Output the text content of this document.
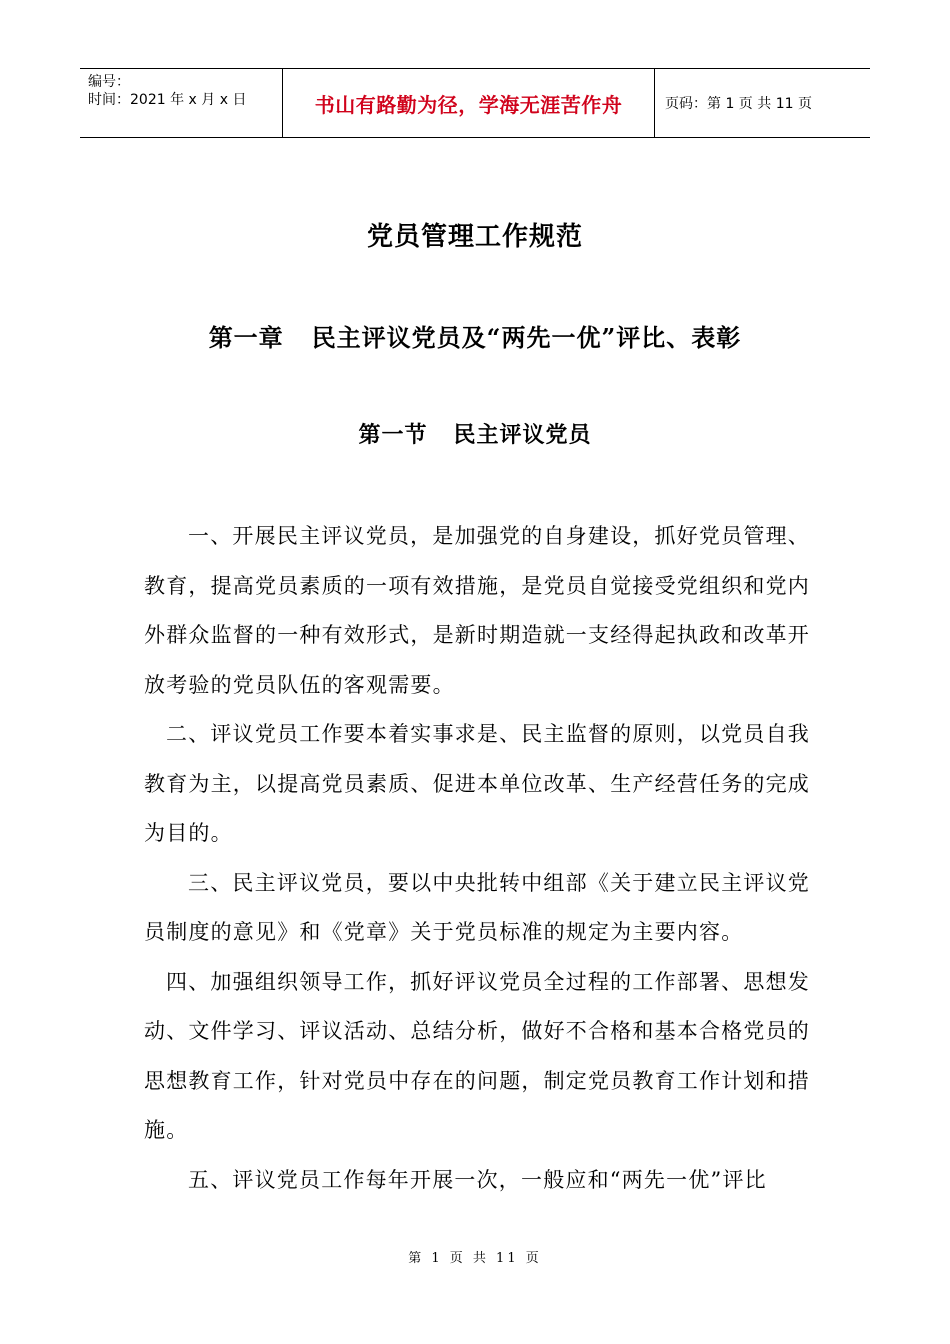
编号：
时间：2021 年 x 月 x 日	书山有路勤为径，学海无涯苦作舟	页码：第 1 页 共 11 页
党员管理工作规范
第一章 民主评议党员及“两先一优”评比、表彰
第一节 民主评议党员

一、开展民主评议党员，是加强党的自身建设，抓好党员管理、教育，提高党员素质的一项有效措施，是党员自觉接受党组织和党内外群众监督的一种有效形式，是新时期造就一支经得起执政和改革开放考验的党员队伍的客观需要。

二、评议党员工作要本着实事求是、民主监督的原则，以党员自我教育为主，以提高党员素质、促进本单位改革、生产经营任务的完成为目的。

三、民主评议党员，要以中央批转中组部《关于建立民主评议党员制度的意见》和《党章》关于党员标准的规定为主要内容。

四、加强组织领导工作，抓好评议党员全过程的工作部署、思想发动、文件学习、评议活动、总结分析，做好不合格和基本合格党员的思想教育工作，针对党员中存在的问题，制定党员教育工作计划和措施。

五、评议党员工作每年开展一次，一般应和“两先一优”评比

第 1 页 共 11 页
